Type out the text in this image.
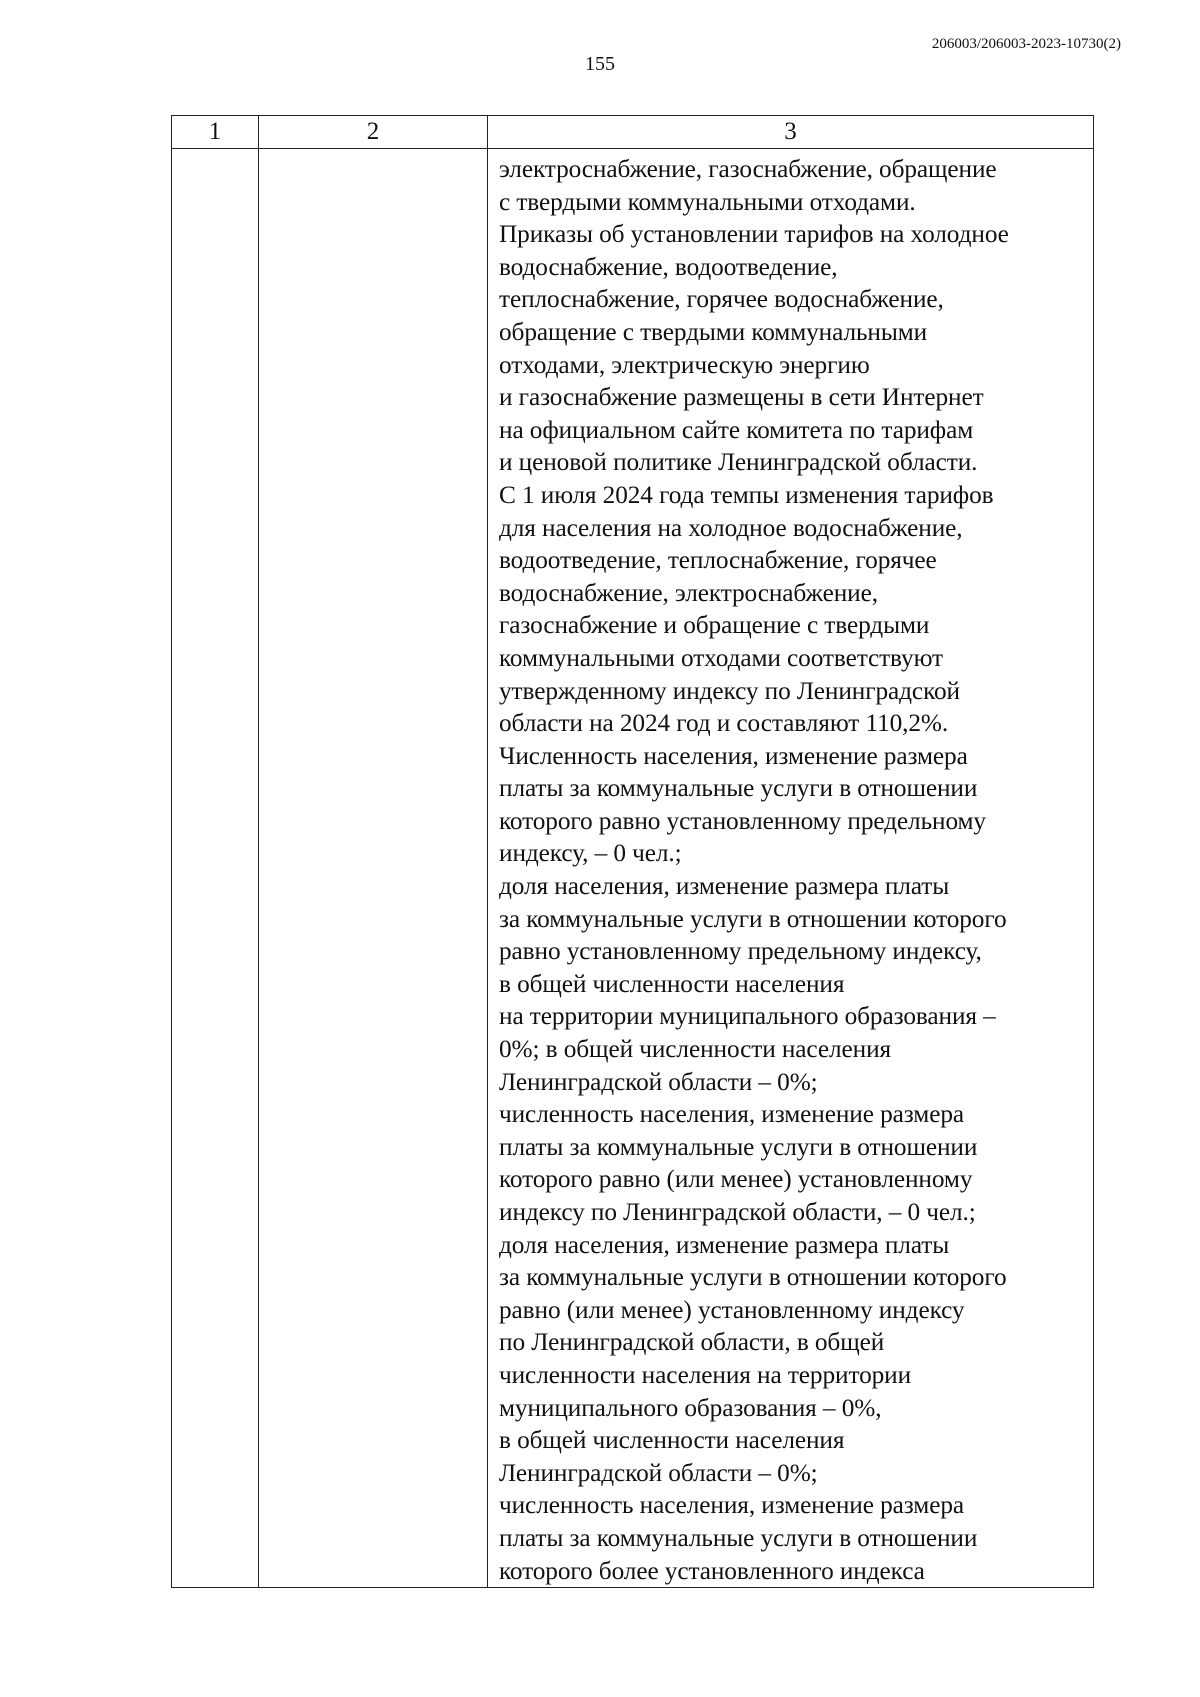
206003/206003-2023-10730(2)
155
1	2	3

электроснабжение, газоснабжение, обращение
с твердыми коммунальными отходами.
Приказы об установлении тарифов на холодное
водоснабжение, водоотведение,
теплоснабжение, горячее водоснабжение,
обращение с твердыми коммунальными
отходами, электрическую энергию
и газоснабжение размещены в сети Интернет
на официальном сайте комитета по тарифам
и ценовой политике Ленинградской области.
С 1 июля 2024 года темпы изменения тарифов
для населения на холодное водоснабжение,
водоотведение, теплоснабжение, горячее
водоснабжение, электроснабжение,
газоснабжение и обращение с твердыми
коммунальными отходами соответствуют
утвержденному индексу по Ленинградской
области на 2024 год и составляют 110,2%.
Численность населения, изменение размера
платы за коммунальные услуги в отношении
которого равно установленному предельному
индексу, – 0 чел.;
доля населения, изменение размера платы
за коммунальные услуги в отношении которого
равно установленному предельному индексу,
в общей численности населения
на территории муниципального образования –
0%; в общей численности населения
Ленинградской области – 0%;
численность населения, изменение размера
платы за коммунальные услуги в отношении
которого равно (или менее) установленному
индексу по Ленинградской области, – 0 чел.;
доля населения, изменение размера платы
за коммунальные услуги в отношении которого
равно (или менее) установленному индексу
по Ленинградской области, в общей
численности населения на территории
муниципального образования – 0%,
в общей численности населения
Ленинградской области – 0%;
численность населения, изменение размера
платы за коммунальные услуги в отношении
которого более установленного индекса
